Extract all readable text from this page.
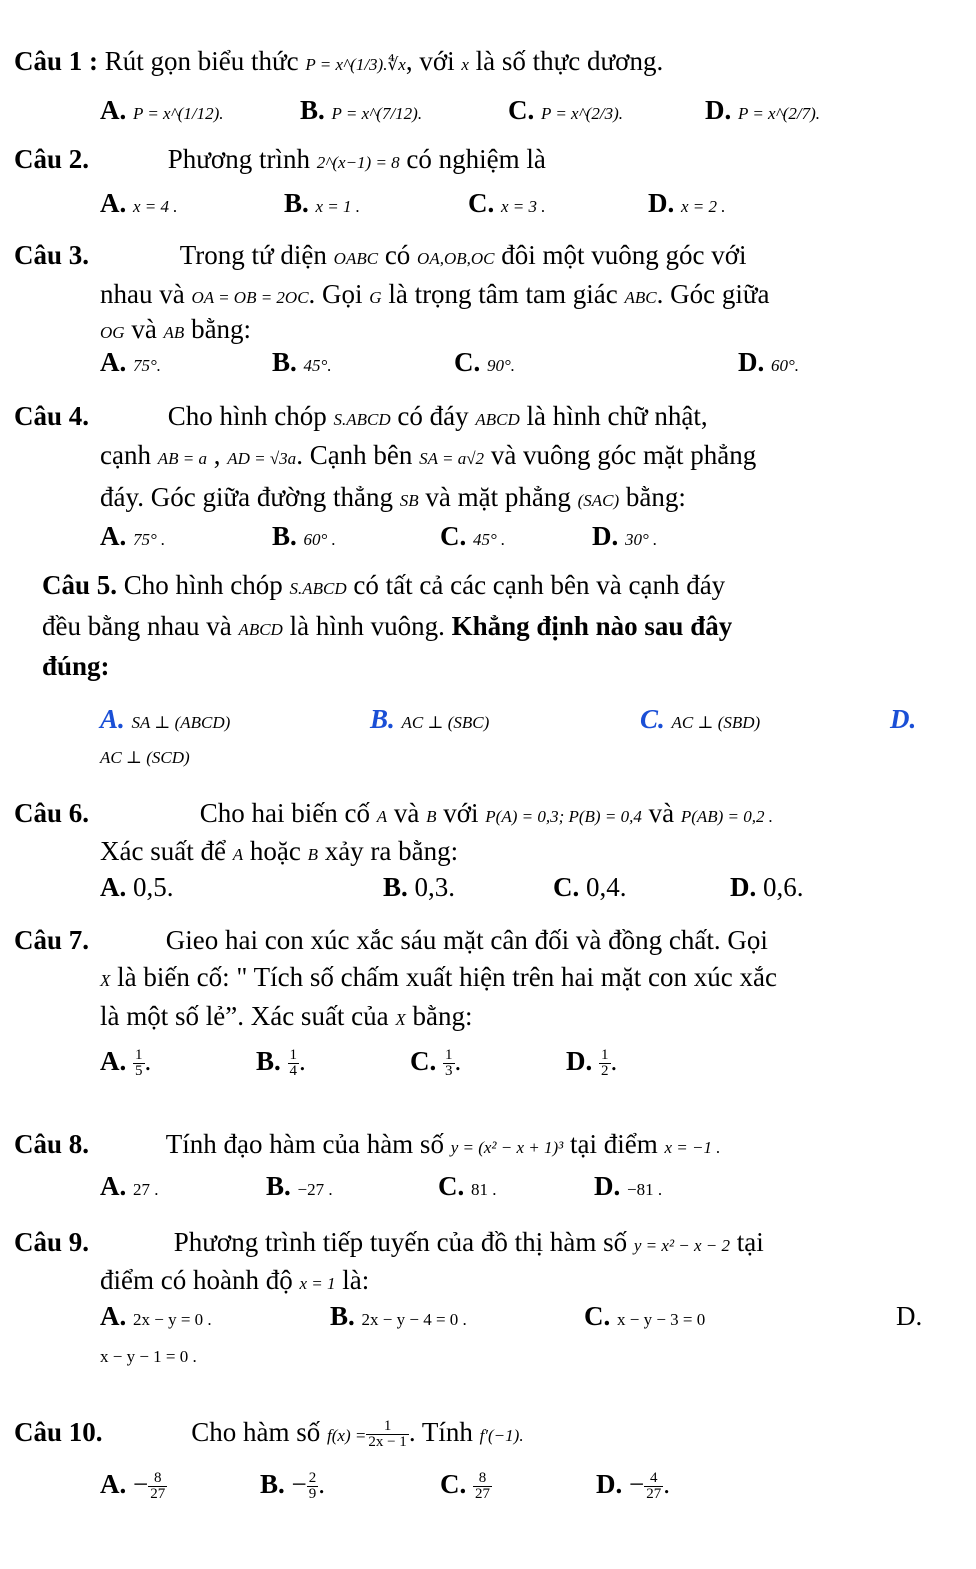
Câu 1 : Rút gọn biểu thức P = x^(1/3).∜x, với x là số thực dương.
A. P = x^(1/12).	B. P = x^(7/12).	C. P = x^(2/3).	D. P = x^(2/7).
Câu 2.	Phương trình 2^(x−1) = 8 có nghiệm là
A. x = 4 .	B. x = 1 .	C. x = 3 .	D. x = 2 .
Câu 3.	Trong tứ diện OABC có OA,OB,OC đôi một vuông góc với
nhau và OA = OB = 2OC. Gọi G là trọng tâm tam giác ABC. Góc giữa
OG và AB bằng:
A. 75°.	B. 45°.	C. 90°.	D. 60°.
Câu 4.	Cho hình chóp S.ABCD có đáy ABCD là hình chữ nhật,
cạnh AB = a , AD = √3a. Cạnh bên SA = a√2 và vuông góc mặt phẳng
đáy. Góc giữa đường thẳng SB và mặt phẳng (SAC) bằng:
A. 75° .	B. 60° .	C. 45° .	D. 30° .
Câu 5. Cho hình chóp S.ABCD có tất cả các cạnh bên và cạnh đáy
đều bằng nhau và ABCD là hình vuông. Khẳng định nào sau đây
đúng:
A. SA ⊥ (ABCD)	B. AC ⊥ (SBC)	C. AC ⊥ (SBD)	D.
AC ⊥ (SCD)
Câu 6.	Cho hai biến cố A và B với P(A) = 0,3; P(B) = 0,4 và P(AB) = 0,2 .
Xác suất để A hoặc B xảy ra bằng:
A. 0,5.	B. 0,3.	C. 0,4.	D. 0,6.
Câu 7.	Gieo hai con xúc xắc sáu mặt cân đối và đồng chất. Gọi
X là biến cố: " Tích số chấm xuất hiện trên hai mặt con xúc xắc
là một số lẻ”. Xác suất của X bằng:
A. $\frac{1}{5}$ .	B. $\frac{1}{4}$ .	C. $\frac{1}{3}$ .	D. $\frac{1}{2}$ .
Câu 8.	Tính đạo hàm của hàm số y = (x² − x + 1)³ tại điểm x = −1 .
A. 27 .	B. −27 .	C. 81 .	D. −81 .
Câu 9.	Phương trình tiếp tuyến của đồ thị hàm số y = x² − x − 2 tại
điểm có hoành độ x = 1 là:
A. 2x − y = 0 .	B. 2x − y − 4 = 0 .	C. x − y − 3 = 0	D.
x − y − 1 = 0 .
Câu 10.	Cho hàm số $f(x) = \frac{1}{2x - 1}$ . Tính f′(−1).
A. − $\frac{8}{27}$	B. − $\frac{2}{9}$ .	C. $\frac{8}{27}$	D. − $\frac{4}{27}$ .
